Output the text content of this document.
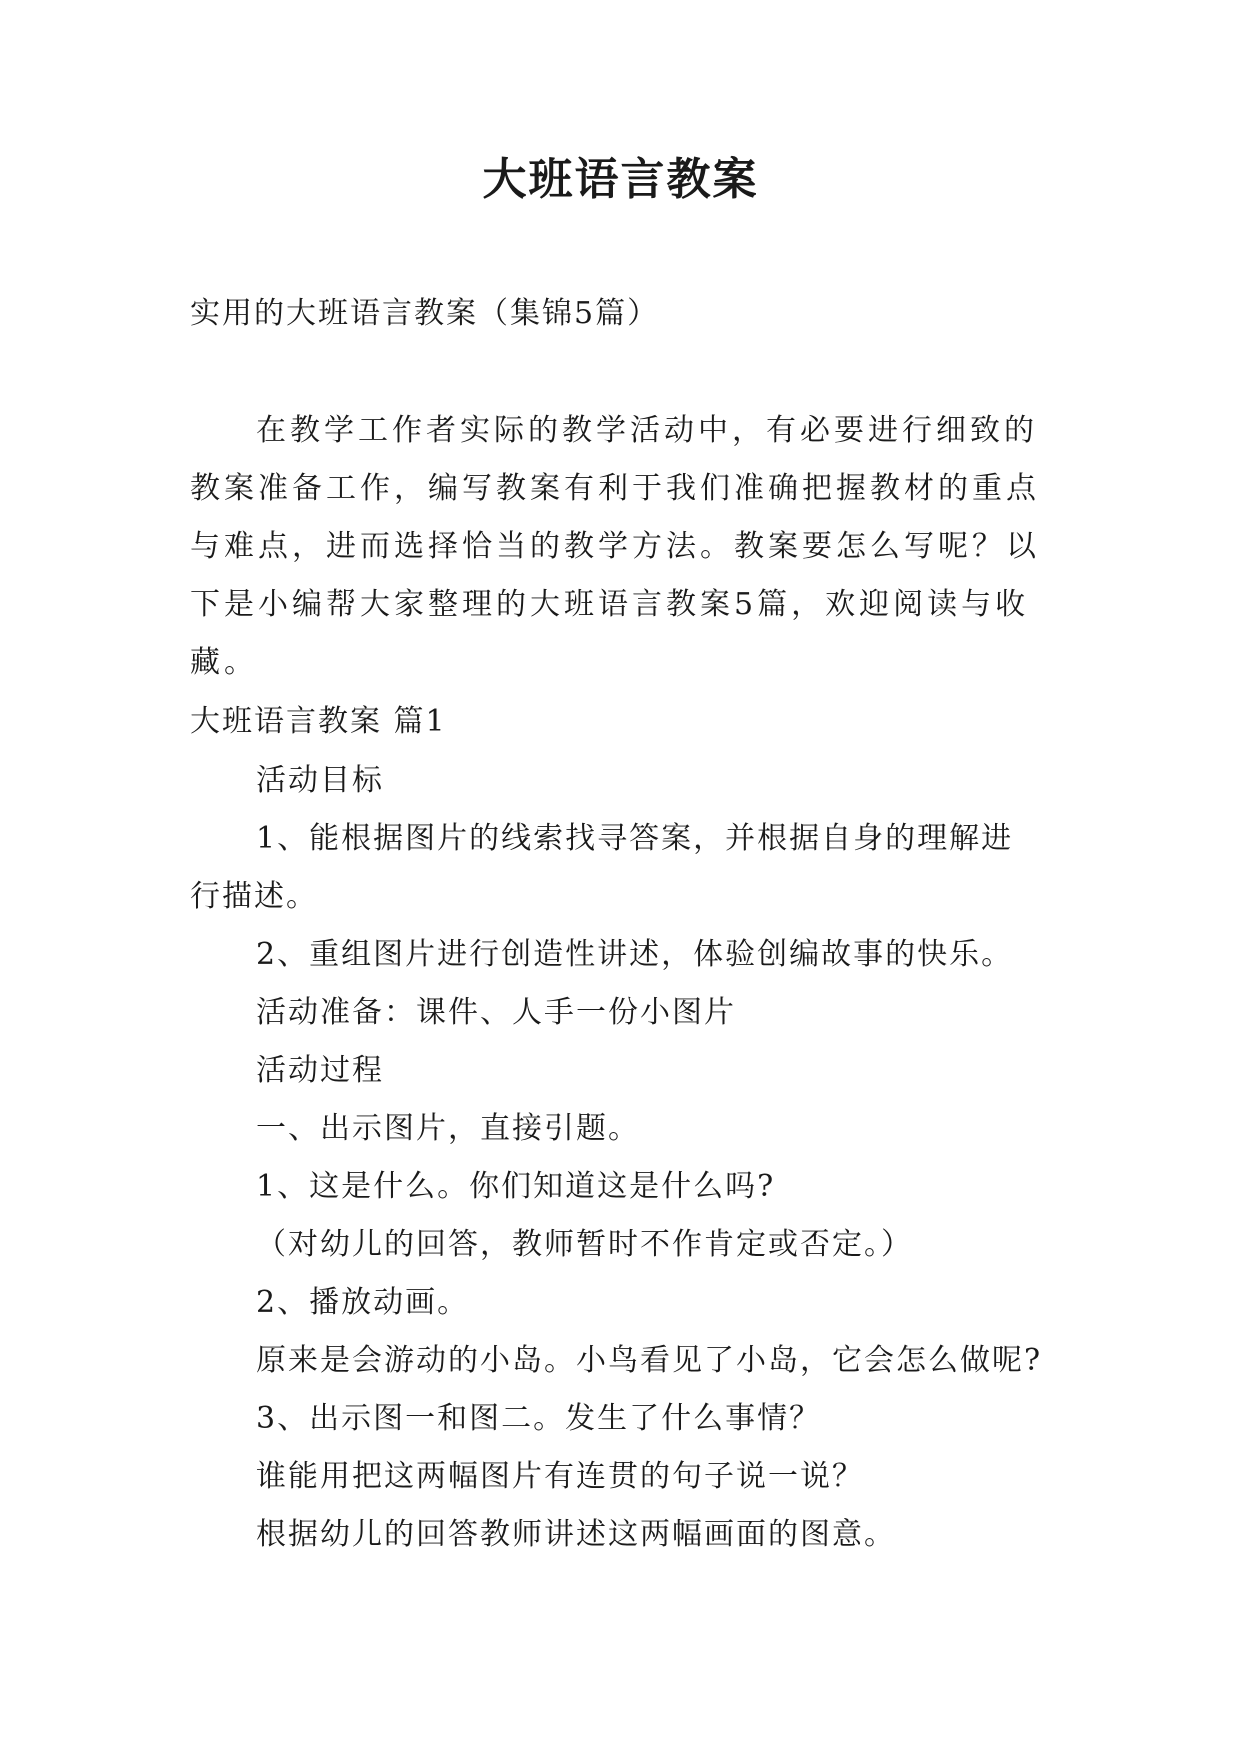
大班语言教案
实用的大班语言教案（集锦5篇）

在教学工作者实际的教学活动中，有必要进行细致的教案准备工作，编写教案有利于我们准确把握教材的重点与难点，进而选择恰当的教学方法。教案要怎么写呢？以下是小编帮大家整理的大班语言教案5篇，欢迎阅读与收藏。

大班语言教案 篇1
活动目标
1、能根据图片的线索找寻答案，并根据自身的理解进
行描述。
2、重组图片进行创造性讲述，体验创编故事的快乐。
活动准备：课件、人手一份小图片
活动过程
一、出示图片，直接引题。
1、这是什么。你们知道这是什么吗?
（对幼儿的回答，教师暂时不作肯定或否定。）
2、播放动画。
原来是会游动的小岛。小鸟看见了小岛，它会怎么做呢?
3、出示图一和图二。发生了什么事情？
谁能用把这两幅图片有连贯的句子说一说？
根据幼儿的回答教师讲述这两幅画面的图意。
